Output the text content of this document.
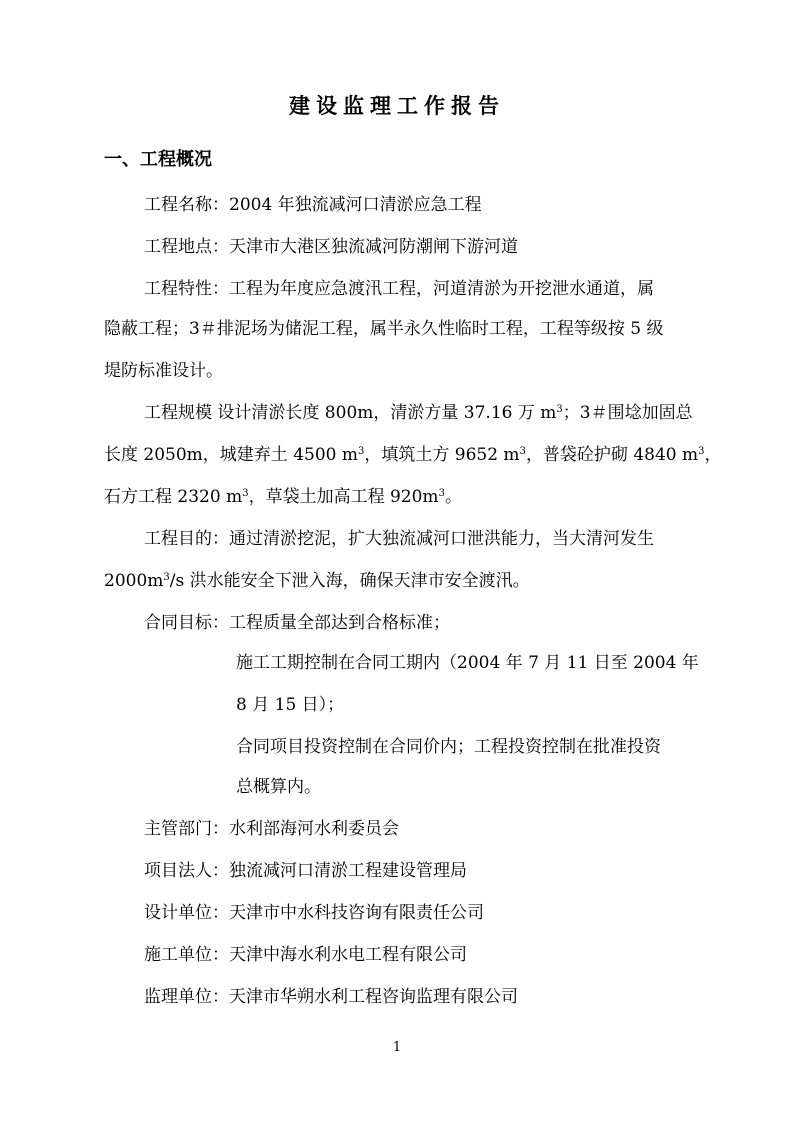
建设监理工作报告
一、工程概况
工程名称：2004 年独流减河口清淤应急工程
工程地点：天津市大港区独流减河防潮闸下游河道
工程特性：工程为年度应急渡汛工程，河道清淤为开挖泄水通道，属
隐蔽工程；3＃排泥场为储泥工程，属半永久性临时工程，工程等级按 5 级
堤防标准设计。
工程规模 设计清淤长度 800m，清淤方量 37.16 万 $m^3$；3＃围埝加固总
长度 2050m，城建弃土 4500 $m^3$，填筑土方 9652 $m^3$，普袋砼护砌 4840 $m^3$，
石方工程 2320 $m^3$，草袋土加高工程 $920m^3$。
工程目的：通过清淤挖泥，扩大独流减河口泄洪能力，当大清河发生
$2000m^3/s$ 洪水能安全下泄入海，确保天津市安全渡汛。
合同目标：工程质量全部达到合格标准；
施工工期控制在合同工期内（2004 年 7 月 11 日至 2004 年
8 月 15 日）；
合同项目投资控制在合同价内；工程投资控制在批准投资
总概算内。
主管部门：水利部海河水利委员会
项目法人：独流减河口清淤工程建设管理局
设计单位：天津市中水科技咨询有限责任公司
施工单位：天津中海水利水电工程有限公司
监理单位：天津市华朔水利工程咨询监理有限公司
1
